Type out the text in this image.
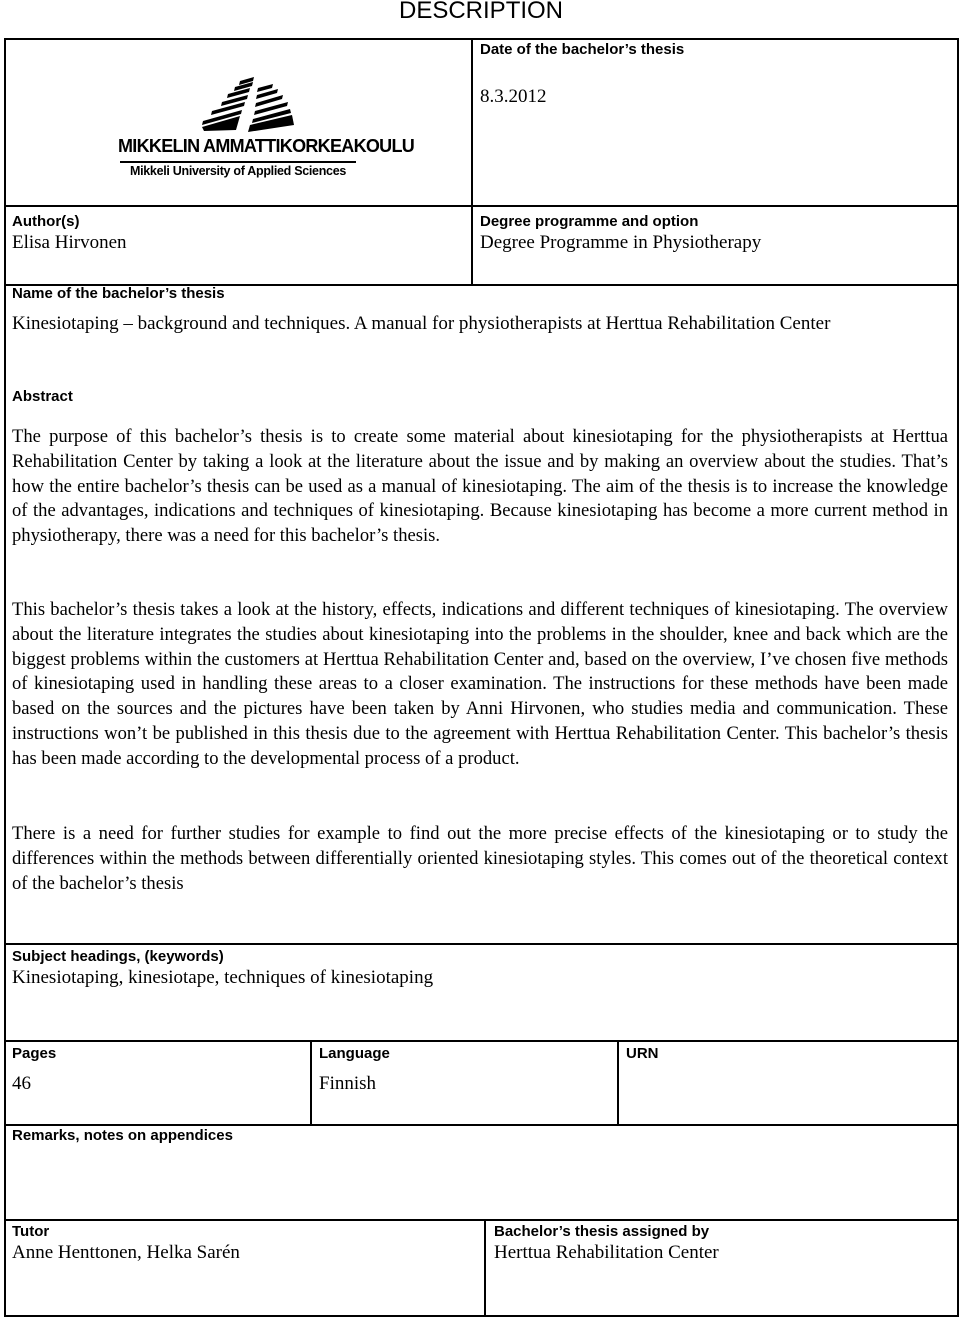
DESCRIPTION
MIKKELIN AMMATTIKORKEAKOULU
Mikkeli University of Applied Sciences
Date of the bachelor’s thesis
8.3.2012
Author(s)
Elisa Hirvonen
Degree programme and option
Degree Programme in Physiotherapy
Name of the bachelor’s thesis

Kinesiotaping – background and techniques. A manual for physiotherapists at Herttua Rehabilitation Center

Abstract

The purpose of this bachelor’s thesis is to create some material about kinesiotaping for the physiotherapists at Herttua Rehabilitation Center by taking a look at the literature about the issue and by making an overview about the studies. That’s how the entire bachelor’s thesis can be used as a manual of kinesiotaping. The aim of the thesis is to increase the knowledge of the advantages, indications and techniques of kinesiotaping. Because kinesiotaping has become a more current method in physiotherapy, there was a need for this bachelor’s thesis.

This bachelor’s thesis takes a look at the history, effects, indications and different techniques of kinesiotaping. The overview about the literature integrates the studies about kinesiotaping into the problems in the shoulder, knee and back which are the biggest problems within the customers at Herttua Rehabilitation Center and, based on the overview, I’ve chosen five methods of kinesiotaping used in handling these areas to a closer examination. The instructions for these methods have been made based on the sources and the pictures have been taken by Anni Hirvonen, who studies media and communication. These instructions won’t be published in this thesis due to the agreement with Herttua Rehabilitation Center. This bachelor’s thesis has been made according to the developmental process of a product.

There is a need for further studies for example to find out the more precise effects of the kinesiotaping or to study the differences within the methods between differentially oriented kinesiotaping styles. This comes out of the theoretical context of the bachelor’s thesis

Subject headings, (keywords)
Kinesiotaping, kinesiotape, techniques of kinesiotaping
Pages
46
Language
Finnish
URN
Remarks, notes on appendices
Tutor
Anne Henttonen, Helka Sarén
Bachelor’s thesis assigned by
Herttua Rehabilitation Center
